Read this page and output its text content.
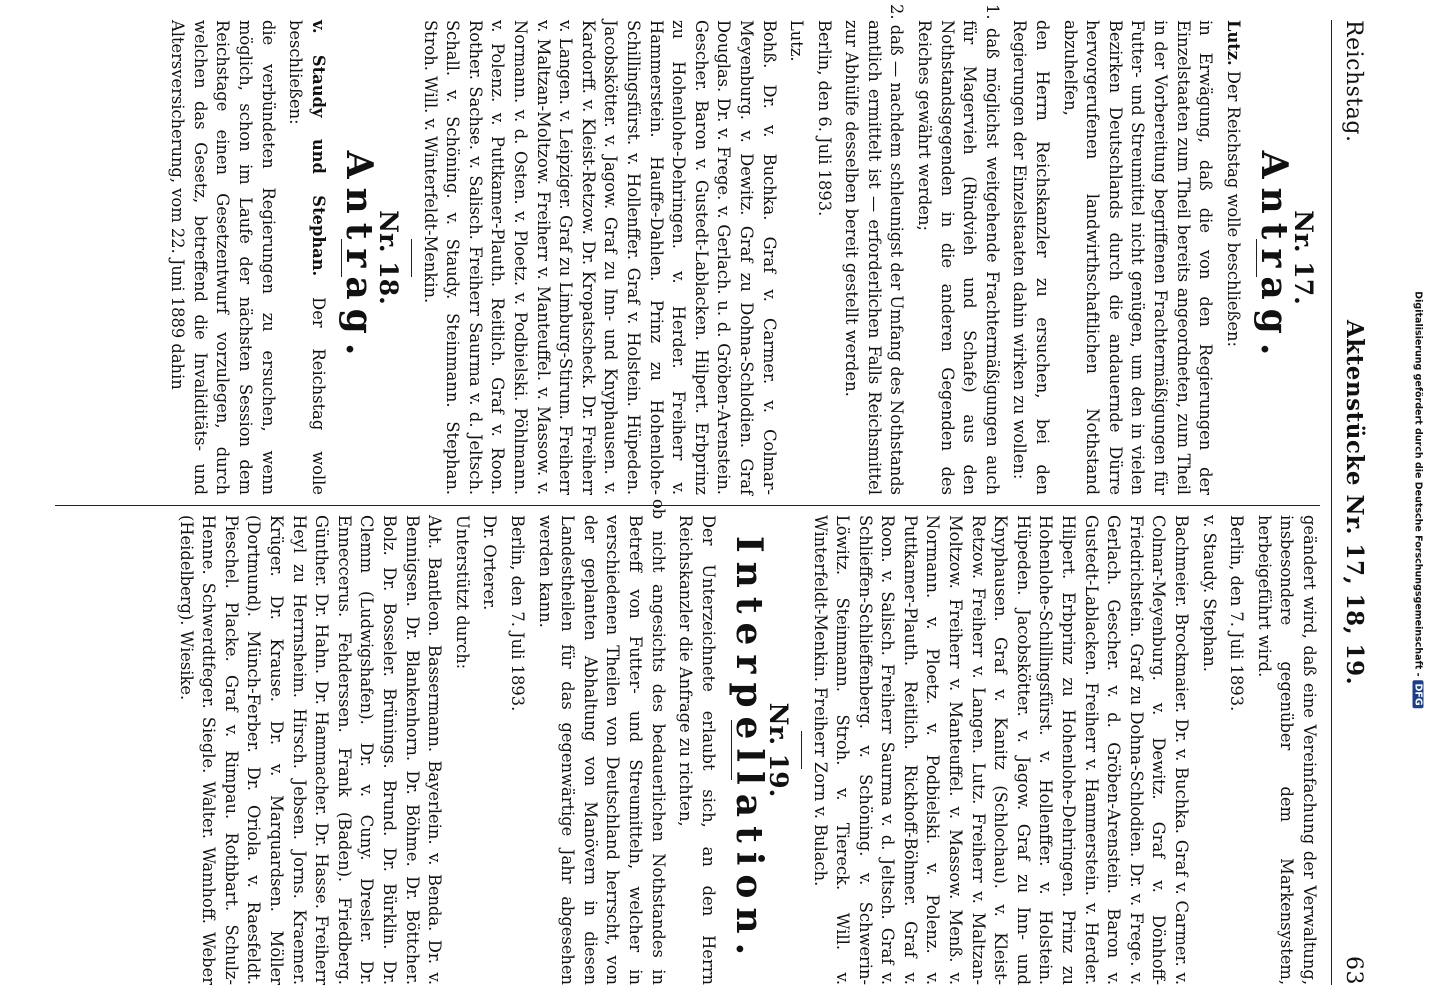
Reichstag.
Aktenstücke Nr. 17, 18, 19.
63
Nr. 17.
Antrag.

Lutz. Der Reichstag wolle beschließen:

in Erwägung, daß die von den Regierungen der Einzelstaaten zum Theil bereits angeordneten, zum Theil in der Vorbereitung begriffenen Frachtermäßigungen für Futter- und Streumittel nicht genügen, um den in vielen Bezirken Deutschlands durch die andauernde Dürre hervorgerufenen landwirthschaftlichen Nothstand abzuhelfen,

den Herrn Reichskanzler zu ersuchen, bei den Regierungen der Einzelstaaten dahin wirken zu wollen:

1. daß möglichst weitgehende Frachtermäßigungen auch für Magervieh (Rindvieh und Schafe) aus den Nothstandsgegenden in die anderen Gegenden des Reiches gewährt werden;

2. daß — nachdem schleunigst der Umfang des Nothstands amtlich ermittelt ist — erforderlichen Falls Reichsmittel zur Abhülfe desselben bereit gestellt werden.

Berlin, den 6. Juli 1893.

Lutz.

Bohß. Dr. v. Buchka. Graf v. Carmer. v. Colmar-Meyenburg. v. Dewitz. Graf zu Dohna-Schlodien. Graf Douglas. Dr. v. Frege. v. Gerlach. u. d. Gröben-Arenstein. Gescher. Baron v. Gustedt-Lablacken. Hilpert. Erbprinz zu Hohenlohe-Dehringen. v. Herder. Freiherr v. Hammerstein. Hauffe-Dahlen. Prinz zu Hohenlohe-Schillingsfürst. v. Hollenffer. Graf v. Holstein. Hüpeden. Jacobskötter. v. Jagow. Graf zu Inn- und Knyphausen. v. Kardorff. v. Kleist-Retzow. Dr. Kropatscheck. Dr. Freiherr v. Langen. v. Leipziger. Graf zu Limburg-Stirum. Freiherr v. Maltzan-Moltzow. Freiherr v. Manteuffel. v. Massow. v. Normann. v. d. Osten. v. Ploetz. v. Podbielski. Pöhlmann. v. Polenz. v. Puttkamer-Plauth. Reitlich. Graf v. Roon. Rother. Sachse. v. Salisch. Freiherr Saurma v. d. Jeltsch. Schall. v. Schöning. v. Staudy. Steinmann. Stephan. Stroh. Will. v. Winterfeldt-Menkin.

Nr. 18.
Antrag.

v. Staudy und Stephan. Der Reichstag wolle beschließen:

die verbündeten Regierungen zu ersuchen, wenn möglich, schon im Laufe der nächsten Session dem Reichstage einen Gesetzentwurf vorzulegen, durch welchen das Gesetz, betreffend die Invaliditäts- und Altersversicherung, vom 22. Juni 1889 dahin

geändert wird, daß eine Vereinfachung der Verwaltung, insbesondere gegenüber dem Markensystem, herbeigeführt wird.

Berlin, den 7. Juli 1893.

v. Staudy. Stephan.

Bachmeier. Brockmaier. Dr. v. Buchka. Graf v. Carmer. v. Colmar-Meyenburg. v. Dewitz. Graf v. Dönhoff-Friedrichstein. Graf zu Dohna-Schlodien. Dr. v. Frege. v. Gerlach. Gescher. v. d. Gröben-Arenstein. Baron v. Gustedt-Lablacken. Freiherr v. Hammerstein. v. Herder. Hilpert. Erbprinz zu Hohenlohe-Dehringen. Prinz zu Hohenlohe-Schillingsfürst. v. Hollenffer. v. Holstein. Hüpeden. Jacobskötter. v. Jagow. Graf zu Inn- und Knyphausen. Graf v. Kanitz (Schlochau). v. Kleist-Retzow. Freiherr v. Langen. Lutz. Freiherr v. Maltzan-Moltzow. Freiherr v. Manteuffel. v. Massow. Menß. v. Normann. v. Ploetz. v. Podbielski. v. Polenz. v. Puttkamer-Plauth. Reitlich. Rickhoff-Böhmer. Graf v. Roon. v. Salisch. Freiherr Saurma v. d. Jeltsch. Graf v. Schlieffen-Schlieffenberg. v. Schöning. v. Schwerin-Löwitz. Steinmann. Stroh. v. Tiereck. Will. v. Winterfeldt-Menkin. Freiherr Zorn v. Bulach.

Nr. 19.
Interpellation.

Der Unterzeichnete erlaubt sich, an den Herrn Reichskanzler die Anfrage zu richten,

ob nicht angesichts des bedauerlichen Nothstandes in Betreff von Futter- und Streumitteln, welcher in verschiedenen Theilen von Deutschland herrscht, von der geplanten Abhaltung von Manövern in diesen Landestheilen für das gegenwärtige Jahr abgesehen werden kann.

Berlin, den 7. Juli 1893.

Dr. Orterer.

Unterstützt durch:

Abt. Bantleon. Bassermann. Bayerlein. v. Benda. Dr. v. Bennigsen. Dr. Blankenhorn. Dr. Böhme. Dr. Böttcher. Bolz. Dr. Bosseler. Brünings. Brund. Dr. Bürklin. Dr. Clemm (Ludwigshafen). Dr. v. Cuny. Dresler. Dr. Enneccerus. Fehderssen. Frank (Baden). Friedberg. Günther. Dr. Hahn. Dr. Hammacher. Dr. Hasse. Freiherr Heyl zu Herrnsheim. Hirsch. Jebsen. Jorns. Kraemer. Krüger. Dr. Krause. Dr. v. Marquardsen. Möller (Dortmund). Münch-Ferber. Dr. Oriola. v. Raesfeldt. Pieschel. Placke. Graf v. Rimpau. Rothbart. Schulz-Henne. Schwerdtfeger. Siegle. Walter. Wamhoff. Weber (Heidelberg). Wiesike.	Digitalisierung gefördert durch die Deutsche Forschungsgemeinschaft -DFG
